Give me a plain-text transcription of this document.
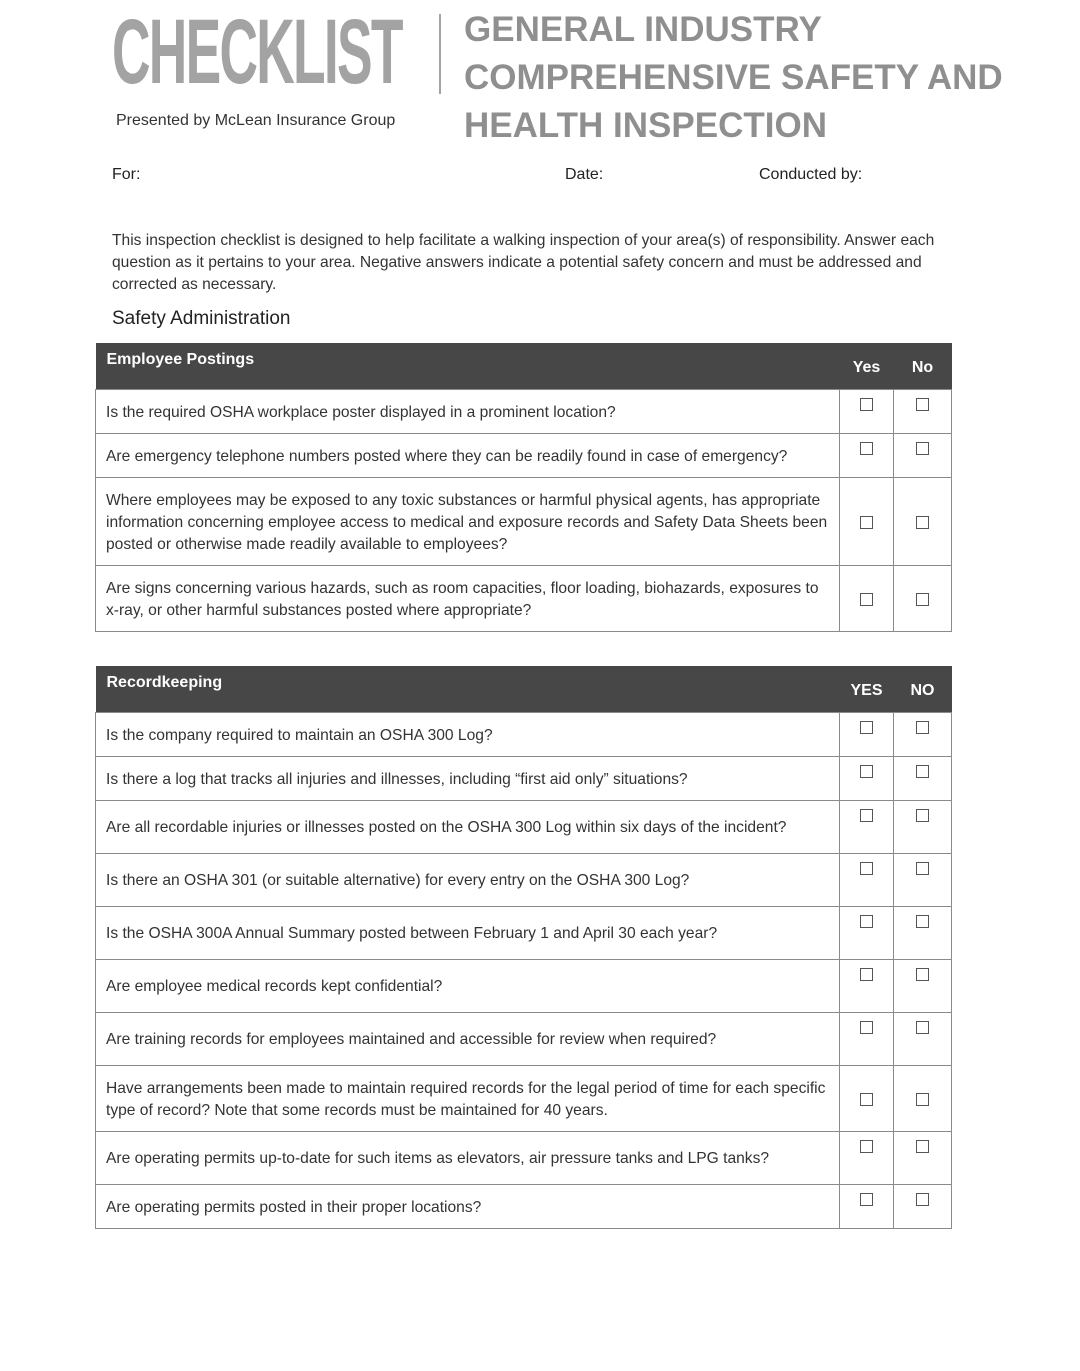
CHECKLIST
Presented by McLean Insurance Group
GENERAL INDUSTRY
COMPREHENSIVE SAFETY AND
HEALTH INSPECTION
For:	Date:	Conducted by:
This inspection checklist is designed to help facilitate a walking inspection of your area(s) of responsibility. Answer each question as it pertains to your area. Negative answers indicate a potential safety concern and must be addressed and corrected as necessary.
Safety Administration
Employee Postings	Yes	No
Is the required OSHA workplace poster displayed in a prominent location?		
Are emergency telephone numbers posted where they can be readily found in case of emergency?		
Where employees may be exposed to any toxic substances or harmful physical agents, has appropriate information concerning employee access to medical and exposure records and Safety Data Sheets been posted or otherwise made readily available to employees?		
Are signs concerning various hazards, such as room capacities, floor loading, biohazards, exposures to x-ray, or other harmful substances posted where appropriate?		
Recordkeeping	YES	NO
Is the company required to maintain an OSHA 300 Log?		
Is there a log that tracks all injuries and illnesses, including “first aid only” situations?		
Are all recordable injuries or illnesses posted on the OSHA 300 Log within six days of the incident?		
Is there an OSHA 301 (or suitable alternative) for every entry on the OSHA 300 Log?		
Is the OSHA 300A Annual Summary posted between February 1 and April 30 each year?		
Are employee medical records kept confidential?		
Are training records for employees maintained and accessible for review when required?		
Have arrangements been made to maintain required records for the legal period of time for each specific type of record? Note that some records must be maintained for 40 years.		
Are operating permits up-to-date for such items as elevators, air pressure tanks and LPG tanks?		
Are operating permits posted in their proper locations?		
